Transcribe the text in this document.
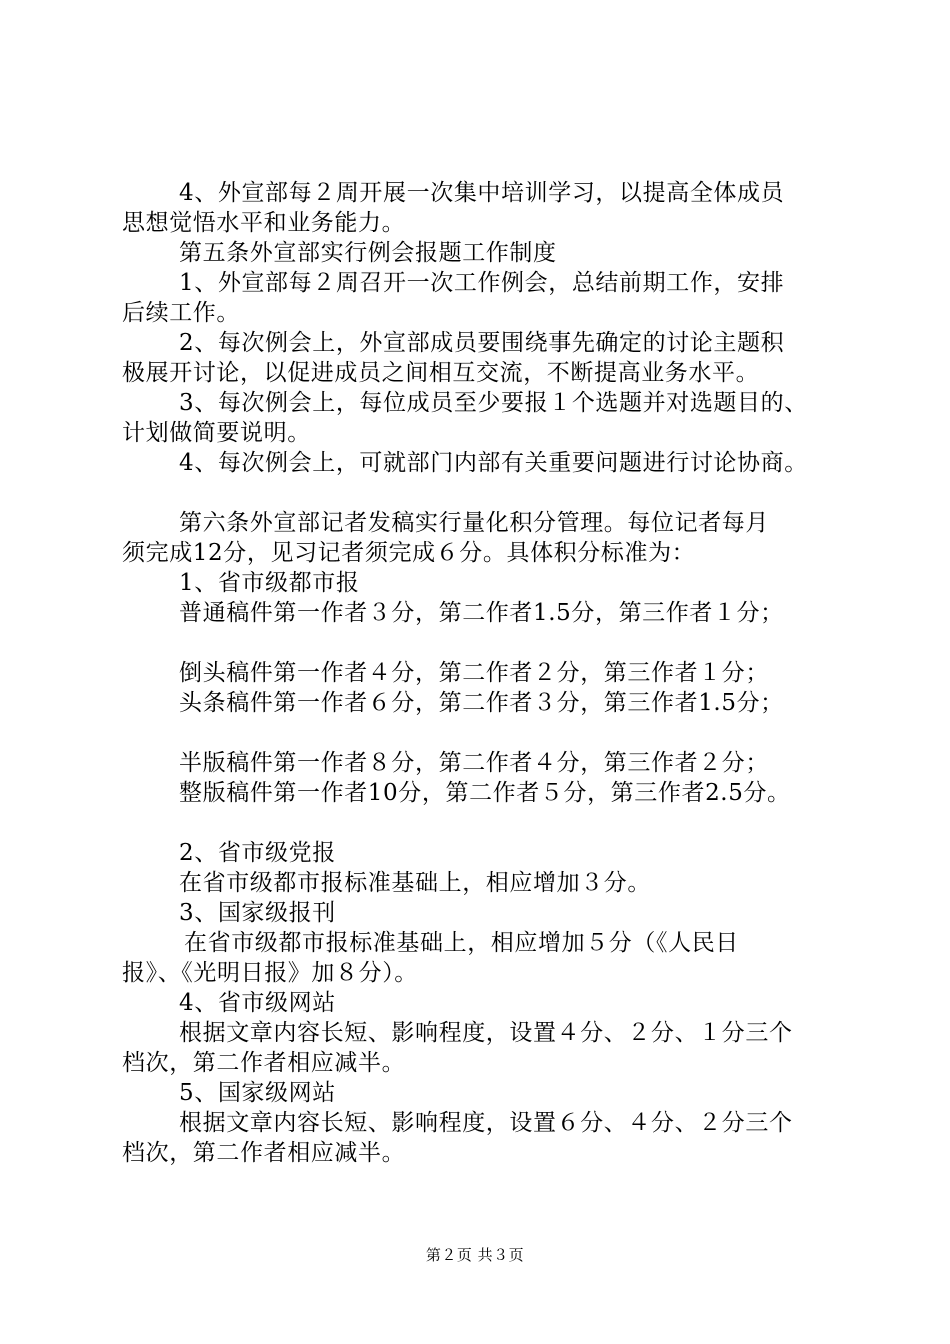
4、外宣部每２周开展一次集中培训学习，以提高全体成员
思想觉悟水平和业务能力。
第五条外宣部实行例会报题工作制度
1、外宣部每２周召开一次工作例会，总结前期工作，安排
后续工作。
2、每次例会上，外宣部成员要围绕事先确定的讨论主题积
极展开讨论，以促进成员之间相互交流，不断提高业务水平。
3、每次例会上，每位成员至少要报１个选题并对选题目的、
计划做简要说明。
4、每次例会上，可就部门内部有关重要问题进行讨论协商。
第六条外宣部记者发稿实行量化积分管理。每位记者每月
须完成12分，见习记者须完成６分。具体积分标准为：
1、省市级都市报
普通稿件第一作者３分，第二作者1.5分，第三作者１分；
倒头稿件第一作者４分，第二作者２分，第三作者１分；
头条稿件第一作者６分，第二作者３分，第三作者1.5分；
半版稿件第一作者８分，第二作者４分，第三作者２分；
整版稿件第一作者10分，第二作者５分，第三作者2.5分。
2、省市级党报
在省市级都市报标准基础上，相应增加３分。
3、国家级报刊
在省市级都市报标准基础上，相应增加５分（《人民日
报》、《光明日报》加８分）。
4、省市级网站
根据文章内容长短、影响程度，设置４分、２分、１分三个
档次，第二作者相应减半。
5、国家级网站
根据文章内容长短、影响程度，设置６分、４分、２分三个
档次，第二作者相应减半。
第２页 共３页
